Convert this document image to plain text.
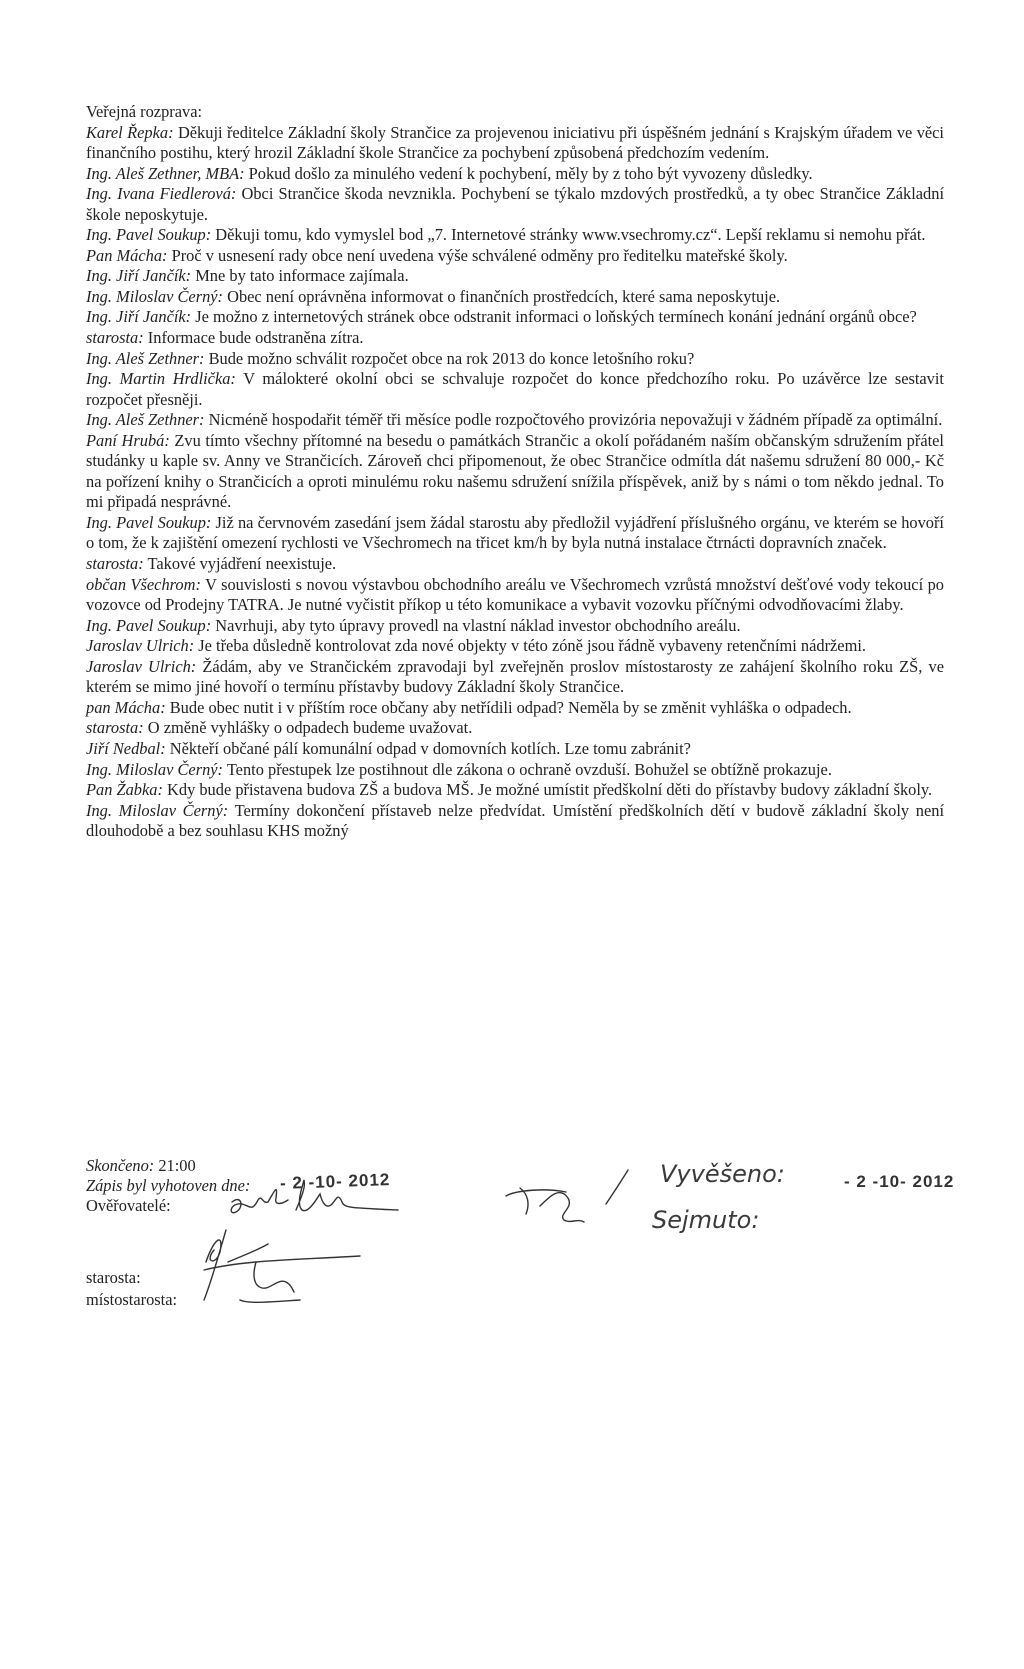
Veřejná rozprava:

Karel Řepka: Děkuji ředitelce Základní školy Strančice za projevenou iniciativu při úspěšném jednání s Krajským úřadem ve věci finančního postihu, který hrozil Základní škole Strančice za pochybení způsobená předchozím vedením.

Ing. Aleš Zethner, MBA: Pokud došlo za minulého vedení k pochybení, měly by z toho být vyvozeny důsledky.

Ing. Ivana Fiedlerová: Obci Strančice škoda nevznikla. Pochybení se týkalo mzdových prostředků, a ty obec Strančice Základní škole neposkytuje.

Ing. Pavel Soukup: Děkuji tomu, kdo vymyslel bod „7. Internetové stránky www.vsechromy.cz“. Lepší reklamu si nemohu přát.

Pan Mácha: Proč v usnesení rady obce není uvedena výše schválené odměny pro ředitelku mateřské školy.

Ing. Jiří Jančík: Mne by tato informace zajímala.

Ing. Miloslav Černý: Obec není oprávněna informovat o finančních prostředcích, které sama neposkytuje.

Ing. Jiří Jančík: Je možno z internetových stránek obce odstranit informaci o loňských termínech konání jednání orgánů obce?

starosta: Informace bude odstraněna zítra.

Ing. Aleš Zethner: Bude možno schválit rozpočet obce na rok 2013 do konce letošního roku?

Ing. Martin Hrdlička: V málokteré okolní obci se schvaluje rozpočet do konce předchozího roku. Po uzávěrce lze sestavit rozpočet přesněji.

Ing. Aleš Zethner: Nicméně hospodařit téměř tři měsíce podle rozpočtového provizória nepovažuji v žádném případě za optimální.

Paní Hrubá: Zvu tímto všechny přítomné na besedu o památkách Strančic a okolí pořádaném naším občanským sdružením přátel studánky u kaple sv. Anny ve Strančicích. Zároveň chci připomenout, že obec Strančice odmítla dát našemu sdružení 80 000,- Kč na pořízení knihy o Strančicích a oproti minulému roku našemu sdružení snížila příspěvek, aniž by s námi o tom někdo jednal. To mi připadá nesprávné.

Ing. Pavel Soukup: Již na červnovém zasedání jsem žádal starostu aby předložil vyjádření příslušného orgánu, ve kterém se hovoří o tom, že k zajištění omezení rychlosti ve Všechromech na třicet km/h by byla nutná instalace čtrnácti dopravních značek.

starosta: Takové vyjádření neexistuje.

občan Všechrom: V souvislosti s novou výstavbou obchodního areálu ve Všechromech vzrůstá množství dešťové vody tekoucí po vozovce od Prodejny TATRA. Je nutné vyčistit příkop u této komunikace a vybavit vozovku příčnými odvodňovacími žlaby.

Ing. Pavel Soukup: Navrhuji, aby tyto úpravy provedl na vlastní náklad investor obchodního areálu.

Jaroslav Ulrich: Je třeba důsledně kontrolovat zda nové objekty v této zóně jsou řádně vybaveny retenčními nádržemi.

Jaroslav Ulrich: Žádám, aby ve Strančickém zpravodaji byl zveřejněn proslov místostarosty ze zahájení školního roku ZŠ, ve kterém se mimo jiné hovoří o termínu přístavby budovy Základní školy Strančice.

pan Mácha: Bude obec nutit i v příštím roce občany aby netřídili odpad? Neměla by se změnit vyhláška o odpadech.

starosta: O změně vyhlášky o odpadech budeme uvažovat.

Jiří Nedbal: Někteří občané pálí komunální odpad v domovních kotlích. Lze tomu zabránit?

Ing. Miloslav Černý: Tento přestupek lze postihnout dle zákona o ochraně ovzduší. Bohužel se obtížně prokazuje.

Pan Žabka: Kdy bude přistavena budova ZŠ a budova MŠ. Je možné umístit předškolní děti do přístavby budovy základní školy.

Ing. Miloslav Černý: Termíny dokončení přístaveb nelze předvídat. Umístění předškolních dětí v budově základní školy není dlouhodobě a bez souhlasu KHS možný

Skončeno: 21:00
Zápis byl vyhotoven dne:
Ověřovatelé:
starosta:
místostarosta:
- 2 -10- 2012	- 2 -10- 2012
Vyvěšeno:
Sejmuto:
